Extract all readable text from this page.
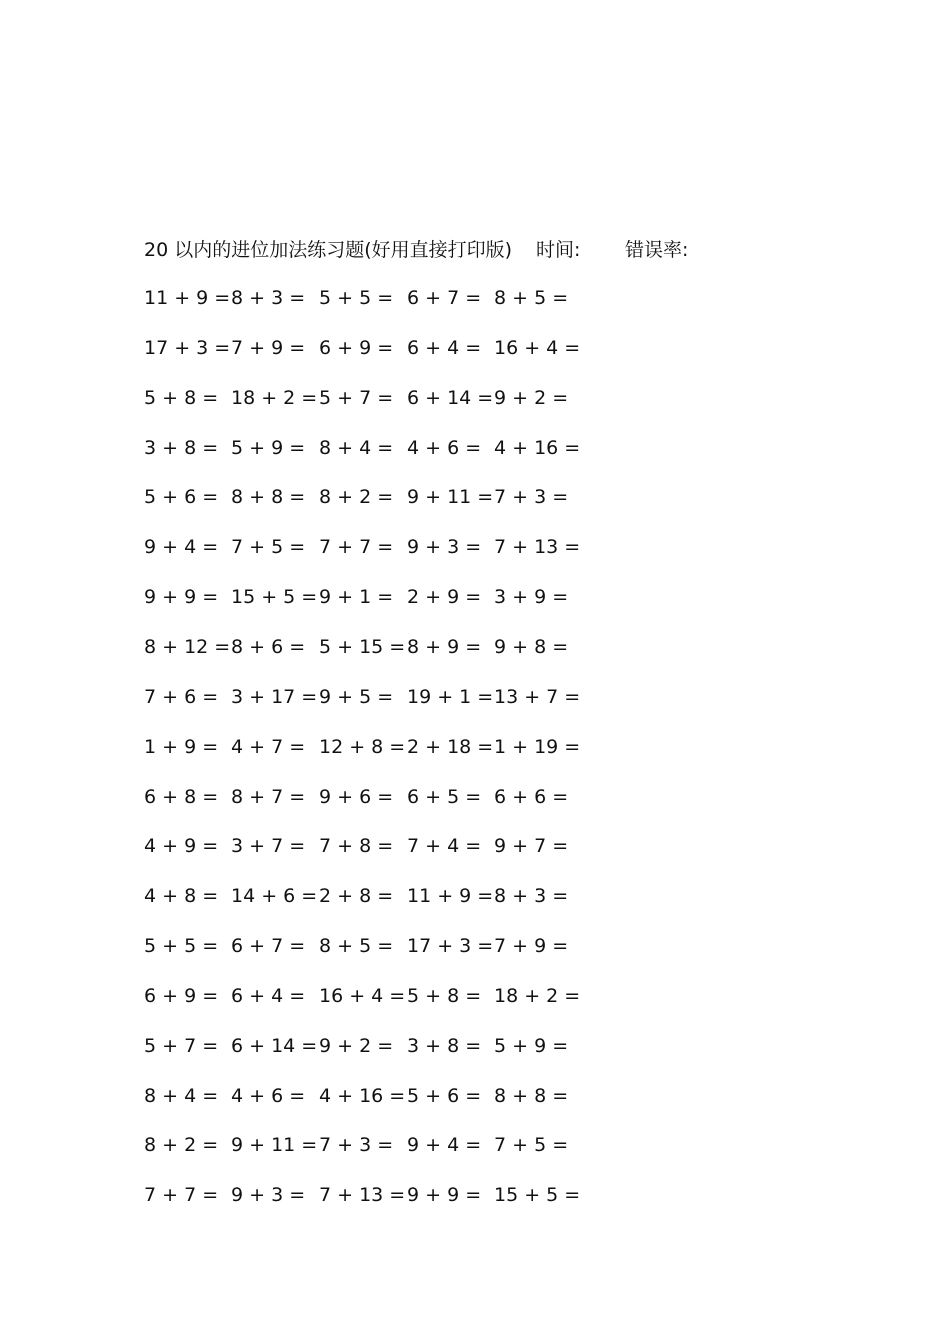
20 以内的进位加法练习题(好用直接打印版) 时间: 错误率:
11 + 9 = 8 + 3 = 5 + 5 = 6 + 7 = 8 + 5 =
17 + 3 = 7 + 9 = 6 + 9 = 6 + 4 = 16 + 4 =
5 + 8 = 18 + 2 = 5 + 7 = 6 + 14 = 9 + 2 =
3 + 8 = 5 + 9 = 8 + 4 = 4 + 6 = 4 + 16 =
5 + 6 = 8 + 8 = 8 + 2 = 9 + 11 = 7 + 3 =
9 + 4 = 7 + 5 = 7 + 7 = 9 + 3 = 7 + 13 =
9 + 9 = 15 + 5 = 9 + 1 = 2 + 9 = 3 + 9 =
8 + 12 = 8 + 6 = 5 + 15 = 8 + 9 = 9 + 8 =
7 + 6 = 3 + 17 = 9 + 5 = 19 + 1 = 13 + 7 =
1 + 9 = 4 + 7 = 12 + 8 = 2 + 18 = 1 + 19 =
6 + 8 = 8 + 7 = 9 + 6 = 6 + 5 = 6 + 6 =
4 + 9 = 3 + 7 = 7 + 8 = 7 + 4 = 9 + 7 =
4 + 8 = 14 + 6 = 2 + 8 = 11 + 9 = 8 + 3 =
5 + 5 = 6 + 7 = 8 + 5 = 17 + 3 = 7 + 9 =
6 + 9 = 6 + 4 = 16 + 4 = 5 + 8 = 18 + 2 =
5 + 7 = 6 + 14 = 9 + 2 = 3 + 8 = 5 + 9 =
8 + 4 = 4 + 6 = 4 + 16 = 5 + 6 = 8 + 8 =
8 + 2 = 9 + 11 = 7 + 3 = 9 + 4 = 7 + 5 =
7 + 7 = 9 + 3 = 7 + 13 = 9 + 9 = 15 + 5 =
